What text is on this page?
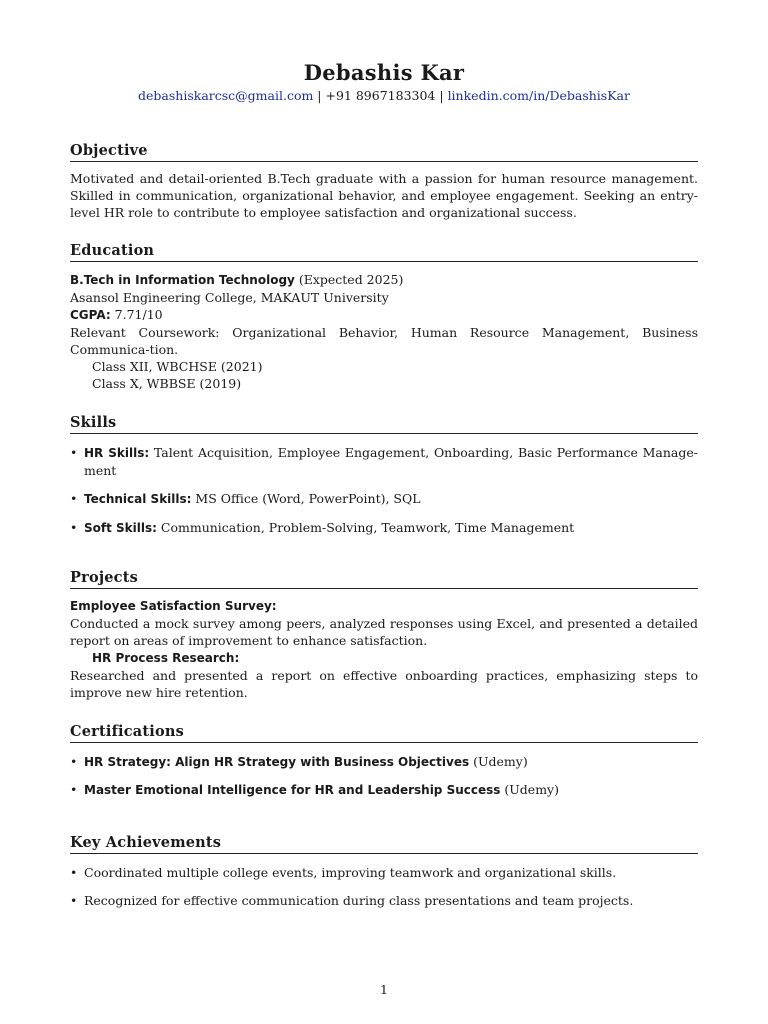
Debashis Kar
debashiskarcsc@gmail.com | +91 8967183304 | linkedin.com/in/DebashisKar
Objective
Motivated and detail-oriented B.Tech graduate with a passion for human resource management. Skilled in communication, organizational behavior, and employee engagement. Seeking an entry-level HR role to contribute to employee satisfaction and organizational success.
Education
B.Tech in Information Technology (Expected 2025)
Asansol Engineering College, MAKAUT University
CGPA: 7.71/10
Relevant Coursework: Organizational Behavior, Human Resource Management, Business Communica-tion.
Class XII, WBCHSE (2021)
Class X, WBBSE (2019)
Skills
• HR Skills: Talent Acquisition, Employee Engagement, Onboarding, Basic Performance Manage-ment
• Technical Skills: MS Office (Word, PowerPoint), SQL
• Soft Skills: Communication, Problem-Solving, Teamwork, Time Management
Projects
Employee Satisfaction Survey:
Conducted a mock survey among peers, analyzed responses using Excel, and presented a detailed report on areas of improvement to enhance satisfaction.
HR Process Research:
Researched and presented a report on effective onboarding practices, emphasizing steps to improve new hire retention.
Certifications
• HR Strategy: Align HR Strategy with Business Objectives (Udemy)
• Master Emotional Intelligence for HR and Leadership Success (Udemy)
Key Achievements
• Coordinated multiple college events, improving teamwork and organizational skills.
• Recognized for effective communication during class presentations and team projects.
1
